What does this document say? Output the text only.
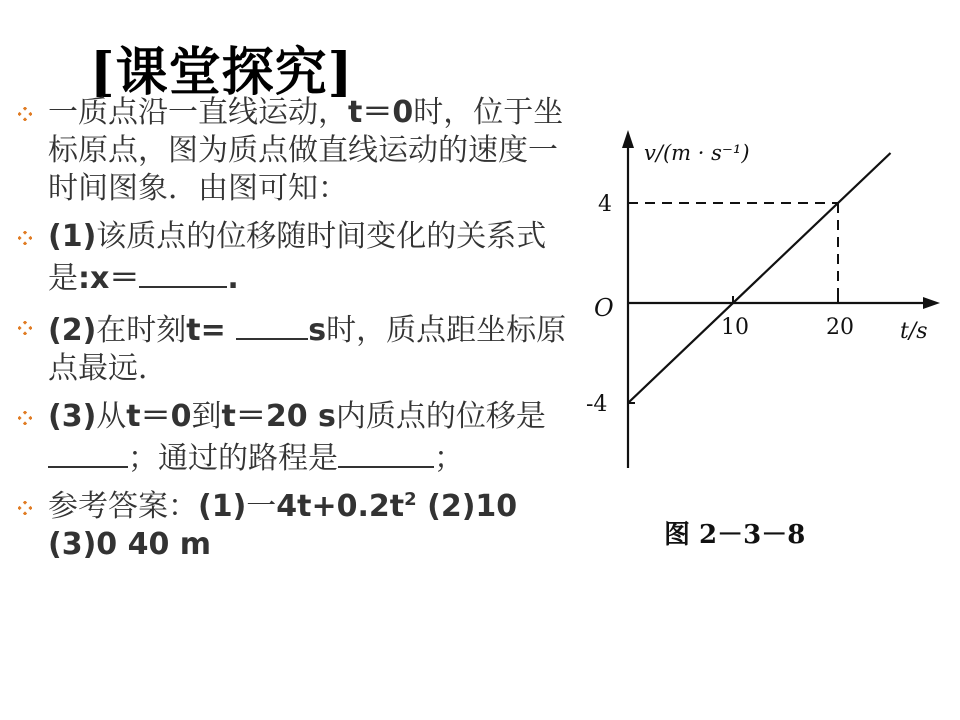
[课堂探究]
一质点沿一直线运动，t＝0时，位于坐标原点，图为质点做直线运动的速度一时间图象．由图可知：
(1)该质点的位移随时间变化的关系式是:x＝	.
(2)在时刻t= s时，质点距坐标原点最远．
(3)从t＝0到t＝20 s内质点的位移是；通过的路程是	；
参考答案：(1)一$4t+0.2t^2$ (2)10 (3)0 40 m
v/(m · s⁻¹)
t/s
O
10	20
4
-4
图 2－3－8
